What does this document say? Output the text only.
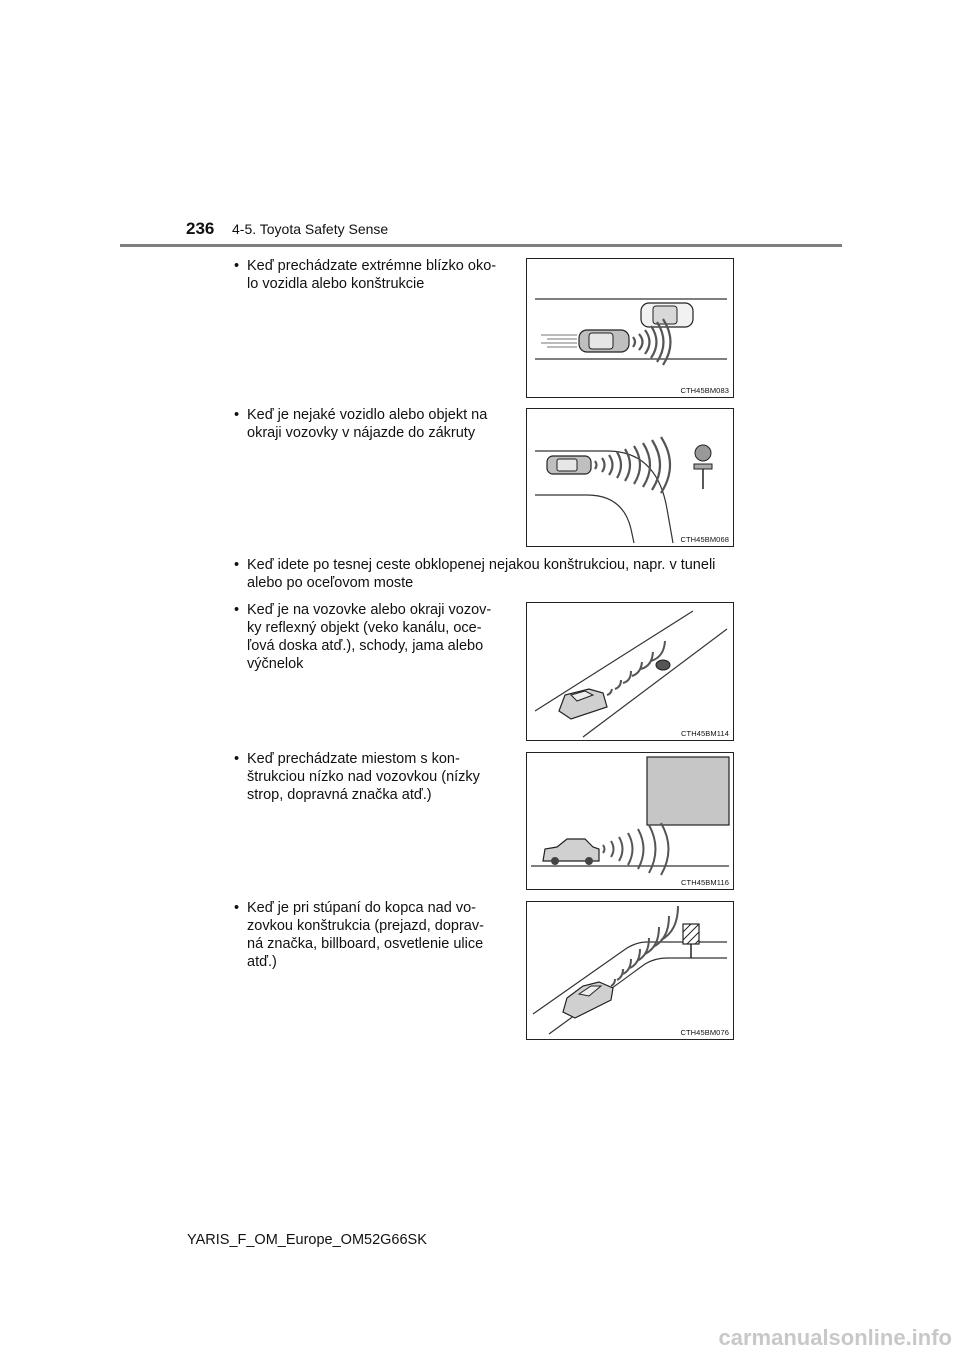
236 4-5. Toyota Safety Sense
• Keď prechádzate extrémne blízko oko-
lo vozidla alebo konštrukcie
CTH45BM083
• Keď je nejaké vozidlo alebo objekt na
okraji vozovky v nájazde do zákruty
CTH45BM068
• Keď idete po tesnej ceste obklopenej nejakou konštrukciou, napr. v tuneli
alebo po oceľovom moste
• Keď je na vozovke alebo okraji vozov-
ky reflexný objekt (veko kanálu, oce-
ľová doska atď.), schody, jama alebo
výčnelok
CTH45BM114
• Keď prechádzate miestom s kon-
štrukciou nízko nad vozovkou (nízky
strop, dopravná značka atď.)
CTH45BM116
• Keď je pri stúpaní do kopca nad vo-
zovkou konštrukcia (prejazd, doprav-
ná značka, billboard, osvetlenie ulice
atď.)
CTH45BM076
YARIS_F_OM_Europe_OM52G66SK
carmanualsonline.info
